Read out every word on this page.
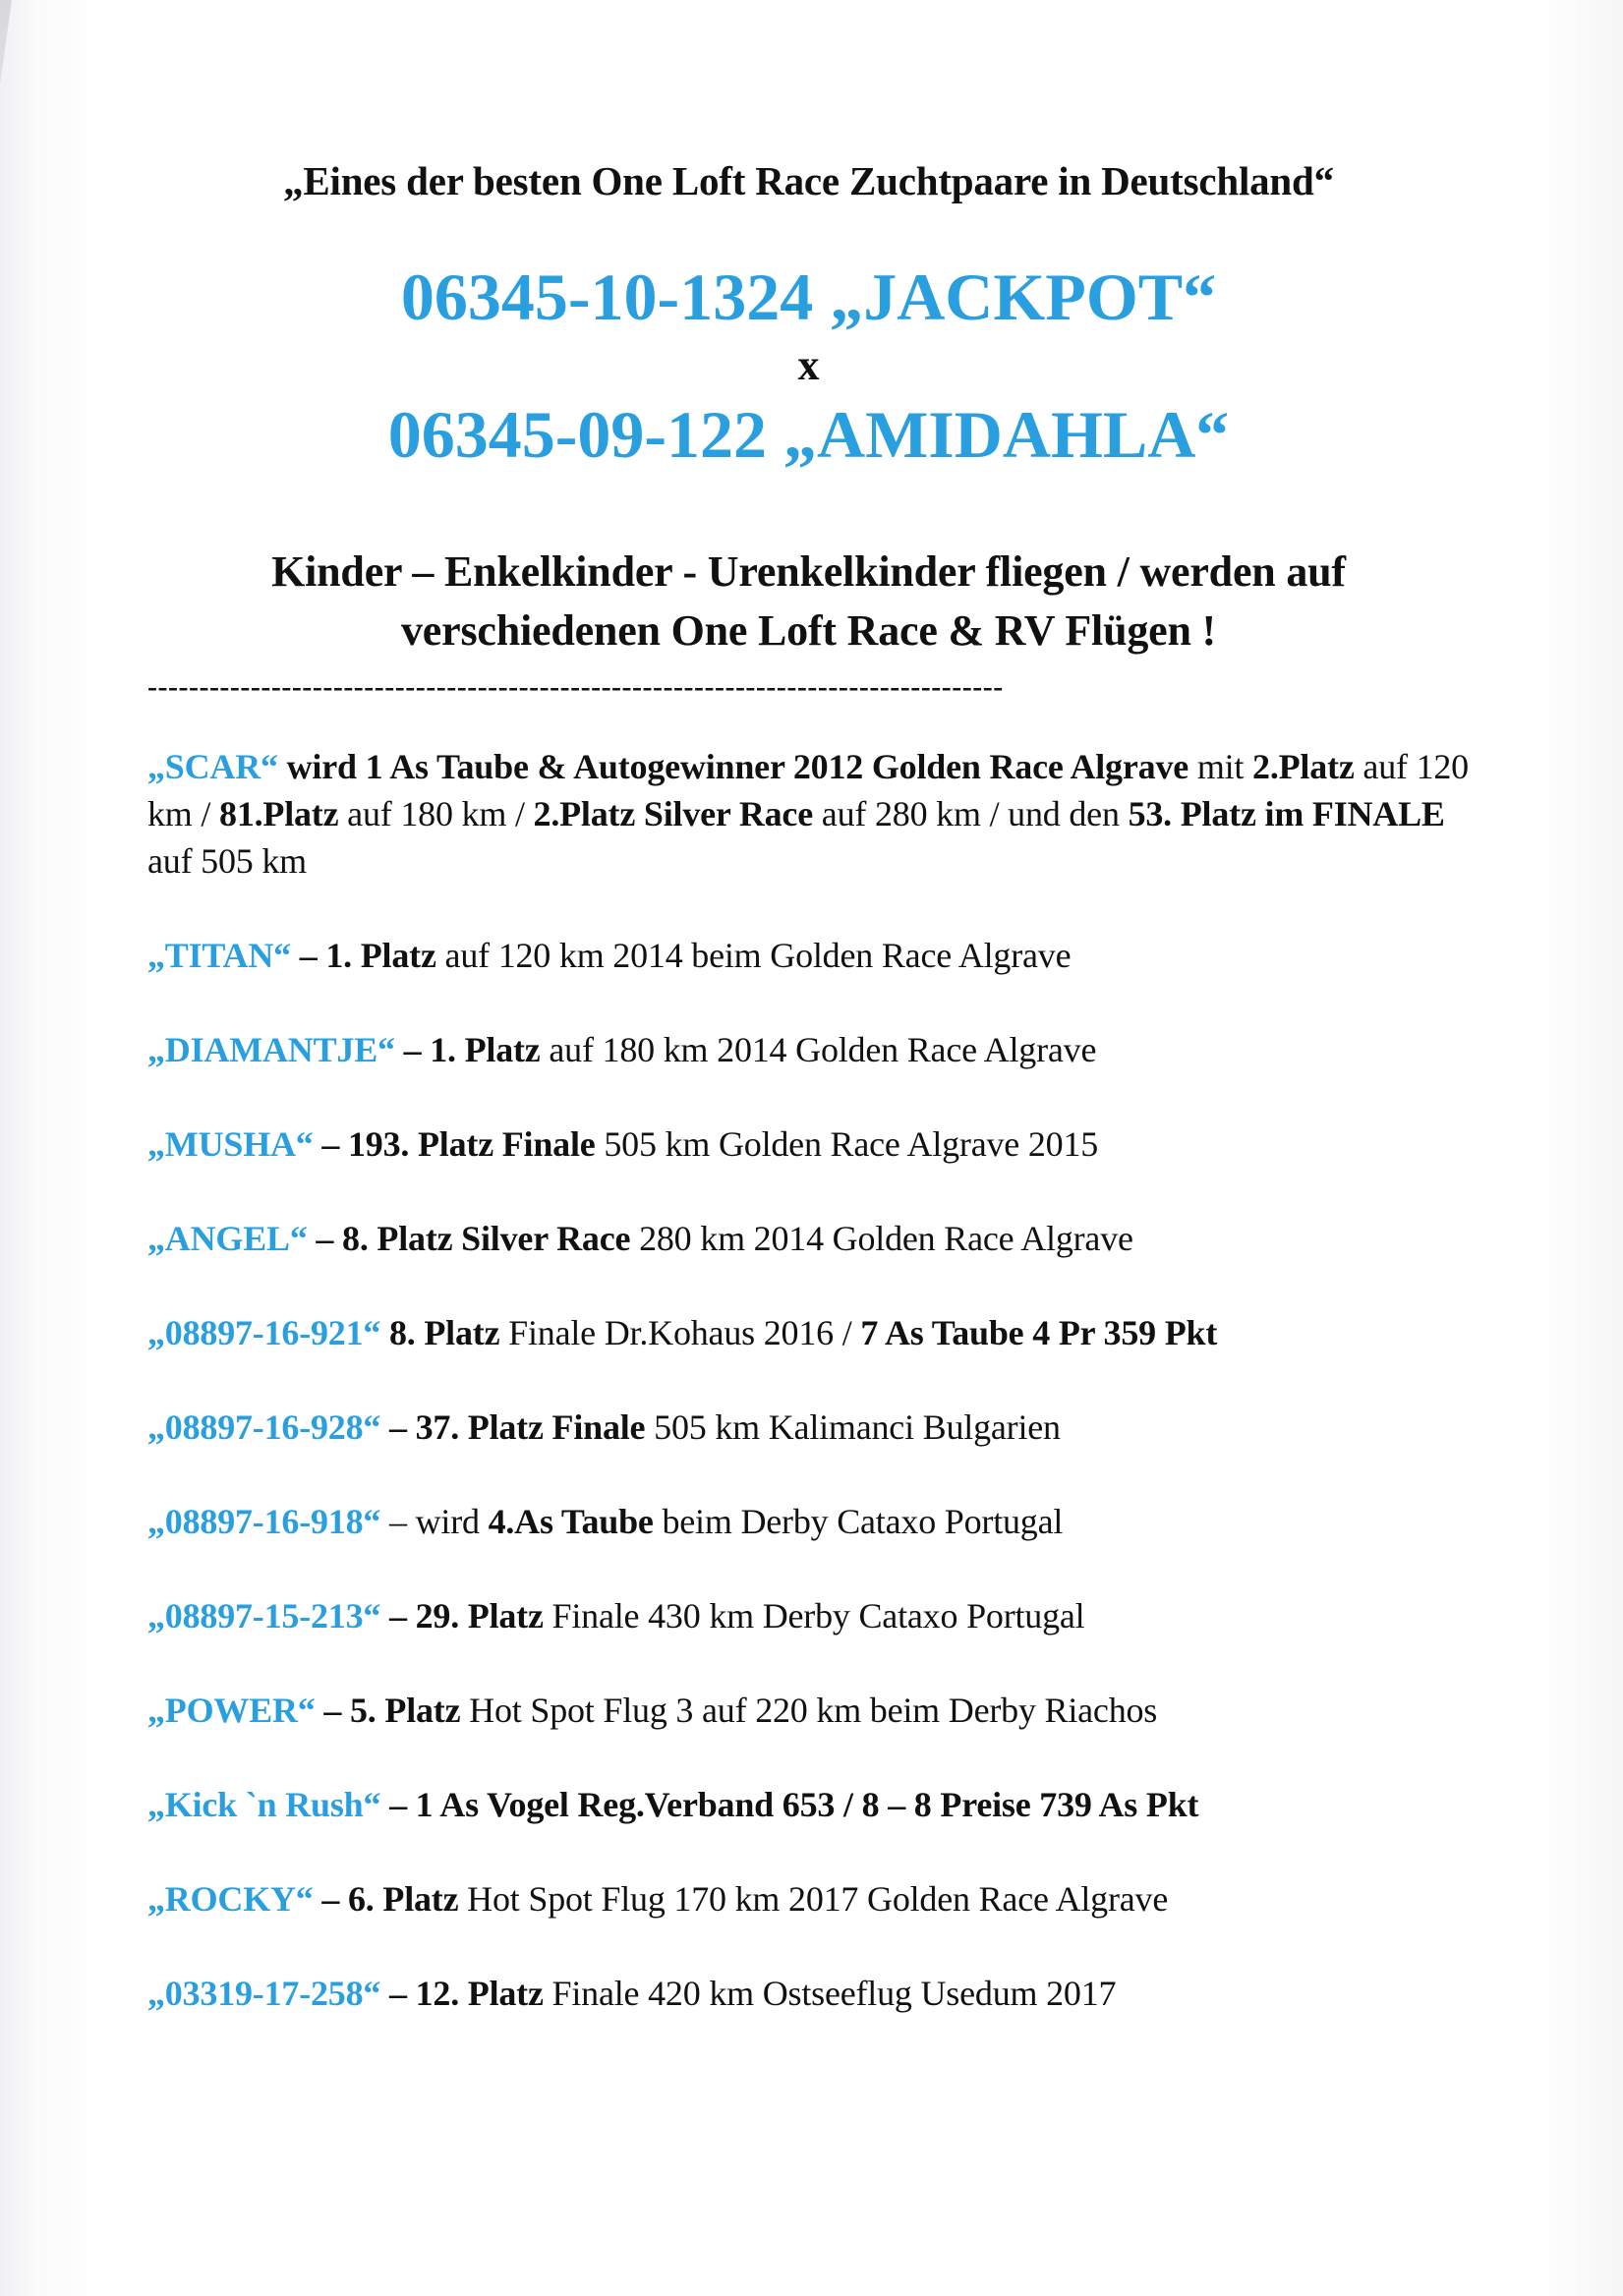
„Eines der besten One Loft Race Zuchtpaare in Deutschland“
06345-10-1324 „JACKPOT“
x
06345-09-122 „AMIDAHLA“
Kinder – Enkelkinder - Urenkelkinder fliegen / werden auf
verschiedenen One Loft Race & RV Flügen !
-----------------------------------------------------------------------------------
„SCAR“ wird 1 As Taube & Autogewinner 2012 Golden Race Algrave mit 2.Platz auf 120 km / 81.Platz auf 180 km / 2.Platz Silver Race auf 280 km / und den 53. Platz im FINALE auf 505 km
„TITAN“ – 1. Platz auf 120 km 2014 beim Golden Race Algrave
„DIAMANTJE“ – 1. Platz auf 180 km 2014 Golden Race Algrave
„MUSHA“ – 193. Platz Finale 505 km Golden Race Algrave 2015
„ANGEL“ – 8. Platz Silver Race 280 km 2014 Golden Race Algrave
„08897-16-921“ 8. Platz Finale Dr.Kohaus 2016 / 7 As Taube 4 Pr 359 Pkt
„08897-16-928“ – 37. Platz Finale 505 km Kalimanci Bulgarien
„08897-16-918“ – wird 4.As Taube beim Derby Cataxo Portugal
„08897-15-213“ – 29. Platz Finale 430 km Derby Cataxo Portugal
„POWER“ – 5. Platz Hot Spot Flug 3 auf 220 km beim Derby Riachos
„Kick `n Rush“ – 1 As Vogel Reg.Verband 653 / 8 – 8 Preise 739 As Pkt
„ROCKY“ – 6. Platz Hot Spot Flug 170 km 2017 Golden Race Algrave
„03319-17-258“ – 12. Platz Finale 420 km Ostseeflug Usedum 2017
